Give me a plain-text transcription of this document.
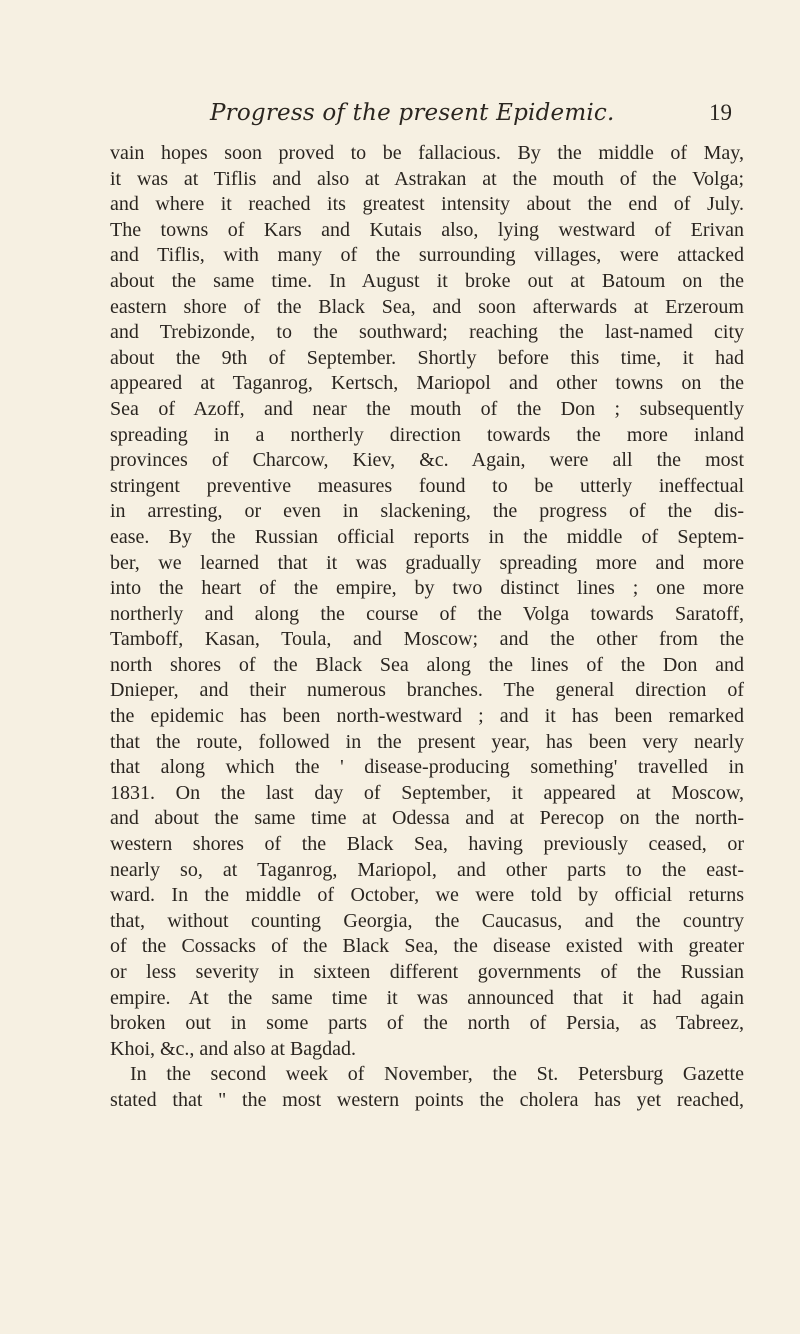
Progress of the present Epidemic.	19
vain hopes soon proved to be fallacious. By the middle of May,
it was at Tiflis and also at Astrakan at the mouth of the Volga;
and where it reached its greatest intensity about the end of July.
The towns of Kars and Kutais also, lying westward of Erivan
and Tiflis, with many of the surrounding villages, were attacked
about the same time. In August it broke out at Batoum on the
eastern shore of the Black Sea, and soon afterwards at Erzeroum
and Trebizonde, to the southward; reaching the last-named city
about the 9th of September. Shortly before this time, it had
appeared at Taganrog, Kertsch, Mariopol and other towns on the
Sea of Azoff, and near the mouth of the Don ; subsequently
spreading in a northerly direction towards the more inland
provinces of Charcow, Kiev, &c. Again, were all the most
stringent preventive measures found to be utterly ineffectual
in arresting, or even in slackening, the progress of the dis-
ease. By the Russian official reports in the middle of Septem-
ber, we learned that it was gradually spreading more and more
into the heart of the empire, by two distinct lines ; one more
northerly and along the course of the Volga towards Saratoff,
Tamboff, Kasan, Toula, and Moscow; and the other from the
north shores of the Black Sea along the lines of the Don and
Dnieper, and their numerous branches. The general direction of
the epidemic has been north-westward ; and it has been remarked
that the route, followed in the present year, has been very nearly
that along which the ' disease-producing something' travelled in
1831. On the last day of September, it appeared at Moscow,
and about the same time at Odessa and at Perecop on the north-
western shores of the Black Sea, having previously ceased, or
nearly so, at Taganrog, Mariopol, and other parts to the east-
ward. In the middle of October, we were told by official returns
that, without counting Georgia, the Caucasus, and the country
of the Cossacks of the Black Sea, the disease existed with greater
or less severity in sixteen different governments of the Russian
empire. At the same time it was announced that it had again
broken out in some parts of the north of Persia, as Tabreez,
Khoi, &c., and also at Bagdad.
In the second week of November, the St. Petersburg Gazette
stated that " the most western points the cholera has yet reached,
